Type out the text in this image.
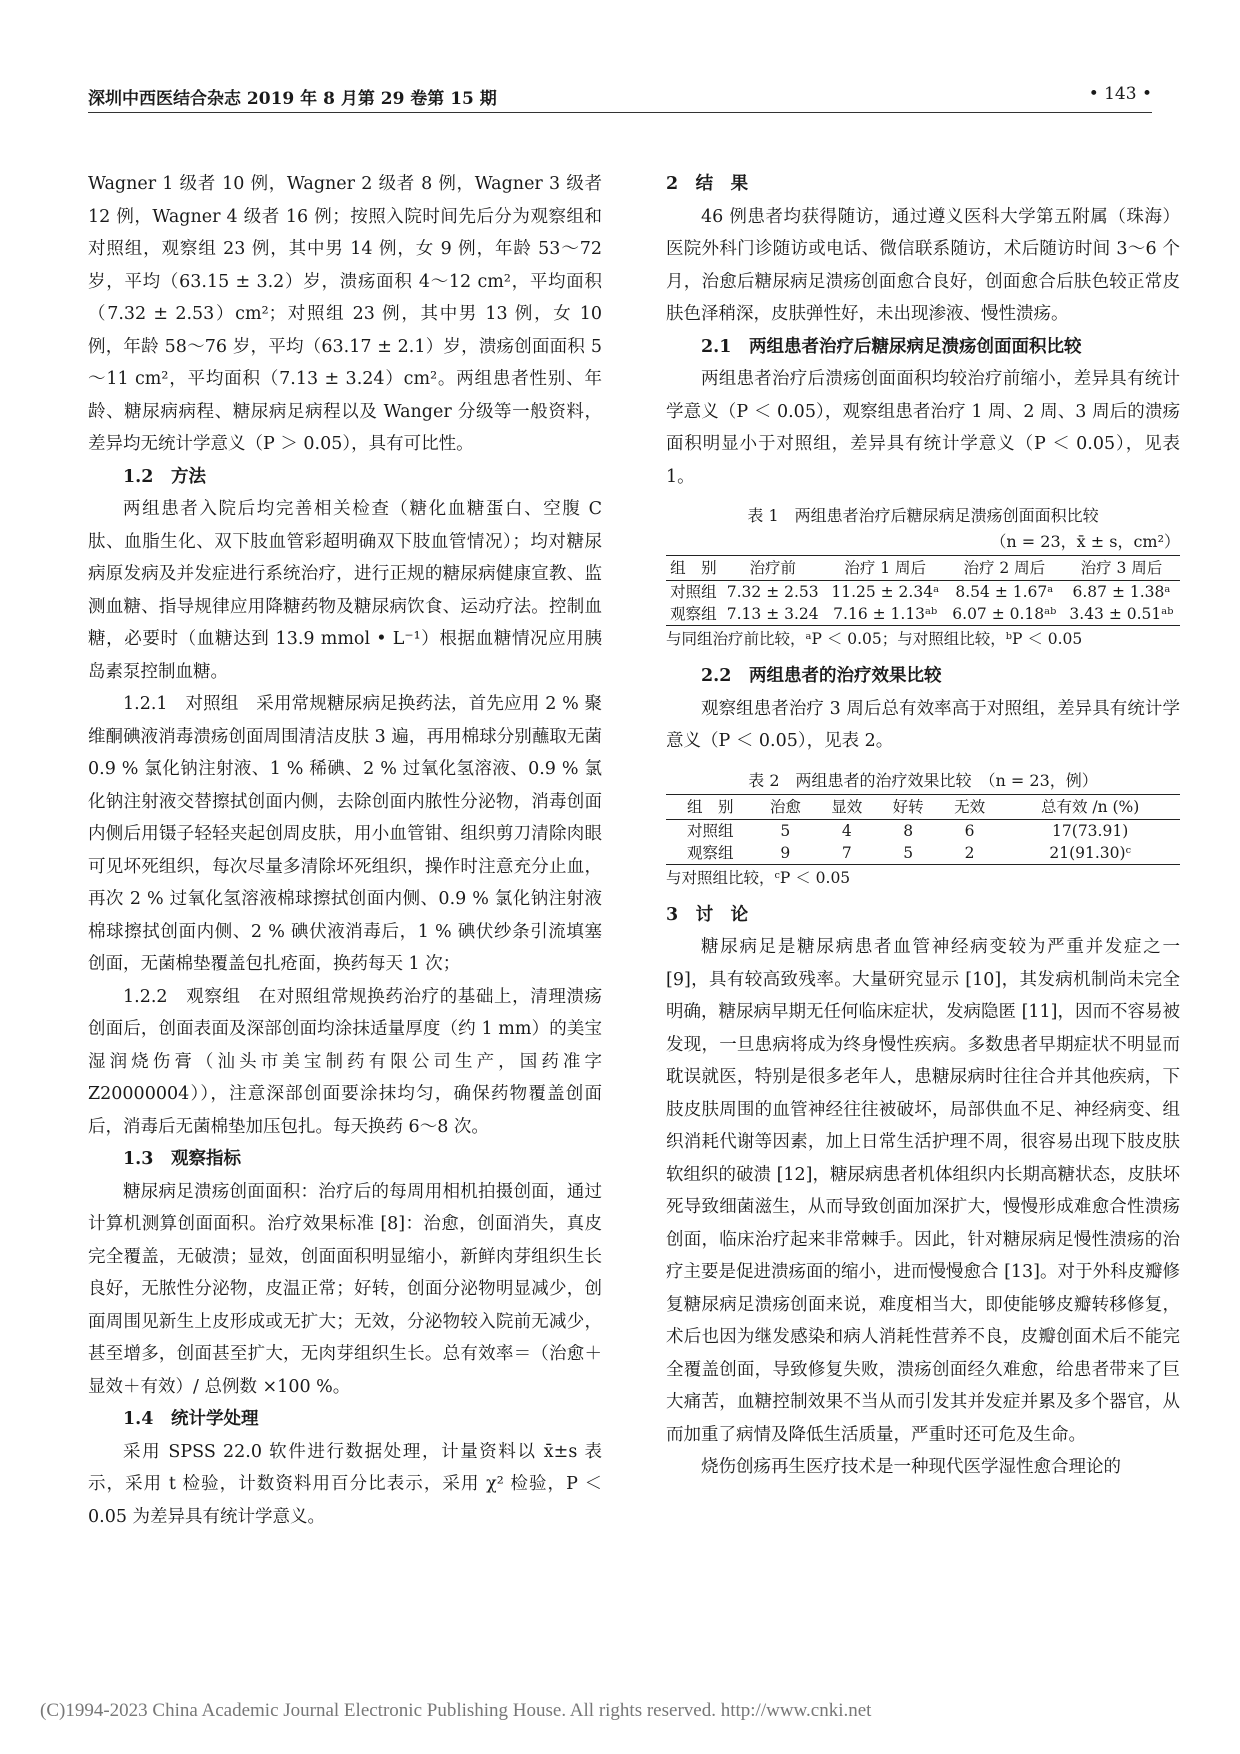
深圳中西医结合杂志 2019 年 8 月第 29 卷第 15 期	• 143 •

Wagner 1 级者 10 例，Wagner 2 级者 8 例，Wagner 3 级者 12 例，Wagner 4 级者 16 例；按照入院时间先后分为观察组和对照组，观察组 23 例，其中男 14 例，女 9 例，年龄 53～72 岁，平均（63.15 ± 3.2）岁，溃疡面积 4～12 cm²，平均面积（7.32 ± 2.53）cm²；对照组 23 例，其中男 13 例，女 10 例，年龄 58～76 岁，平均（63.17 ± 2.1）岁，溃疡创面面积 5～11 cm²，平均面积（7.13 ± 3.24）cm²。两组患者性别、年龄、糖尿病病程、糖尿病足病程以及 Wanger 分级等一般资料，差异均无统计学意义（P ＞ 0.05），具有可比性。

1.2　方法

两组患者入院后均完善相关检查（糖化血糖蛋白、空腹 C 肽、血脂生化、双下肢血管彩超明确双下肢血管情况）；均对糖尿病原发病及并发症进行系统治疗，进行正规的糖尿病健康宣教、监测血糖、指导规律应用降糖药物及糖尿病饮食、运动疗法。控制血糖，必要时（血糖达到 13.9 mmol • L⁻¹）根据血糖情况应用胰岛素泵控制血糖。

1.2.1　 对照组　 采用常规糖尿病足换药法，首先应用 2 % 聚维酮碘液消毒溃疡创面周围清洁皮肤 3 遍，再用棉球分别蘸取无菌 0.9 % 氯化钠注射液、1 % 稀碘、2 % 过氧化氢溶液、0.9 % 氯化钠注射液交替擦拭创面内侧，去除创面内脓性分泌物，消毒创面内侧后用镊子轻轻夹起创周皮肤，用小血管钳、组织剪刀清除肉眼可见坏死组织，每次尽量多清除坏死组织，操作时注意充分止血，再次 2 % 过氧化氢溶液棉球擦拭创面内侧、0.9 % 氯化钠注射液棉球擦拭创面内侧、2 % 碘伏液消毒后，1 % 碘伏纱条引流填塞创面，无菌棉垫覆盖包扎疮面，换药每天 1 次；

1.2.2　 观察组　 在对照组常规换药治疗的基础上，清理溃疡创面后，创面表面及深部创面均涂抹适量厚度（约 1 mm）的美宝湿润烧伤膏（汕头市美宝制药有限公司生产，国药准字 Z20000004）），注意深部创面要涂抹均匀，确保药物覆盖创面后，消毒后无菌棉垫加压包扎。每天换药 6～8 次。

1.3　观察指标

糖尿病足溃疡创面面积：治疗后的每周用相机拍摄创面，通过计算机测算创面面积。治疗效果标准 [8]：治愈，创面消失，真皮完全覆盖，无破溃；显效，创面面积明显缩小，新鲜肉芽组织生长良好，无脓性分泌物，皮温正常；好转，创面分泌物明显减少，创面周围见新生上皮形成或无扩大；无效，分泌物较入院前无减少，甚至增多，创面甚至扩大，无肉芽组织生长。总有效率＝（治愈＋显效＋有效）/ 总例数 ×100 %。

1.4　统计学处理

采用 SPSS 22.0 软件进行数据处理，计量资料以 x̄±s 表示，采用 t 检验，计数资料用百分比表示，采用 χ² 检验，P ＜ 0.05 为差异具有统计学意义。

2　结　果

46 例患者均获得随访，通过遵义医科大学第五附属（珠海）医院外科门诊随访或电话、微信联系随访，术后随访时间 3～6 个月，治愈后糖尿病足溃疡创面愈合良好，创面愈合后肤色较正常皮肤色泽稍深，皮肤弹性好，未出现渗液、慢性溃疡。

2.1　两组患者治疗后糖尿病足溃疡创面面积比较

两组患者治疗后溃疡创面面积均较治疗前缩小，差异具有统计学意义（P ＜ 0.05），观察组患者治疗 1 周、2 周、3 周后的溃疡面积明显小于对照组，差异具有统计学意义（P ＜ 0.05），见表 1。

表 1　两组患者治疗后糖尿病足溃疡创面面积比较
（n = 23，x̄ ± s，cm²）
组　别	治疗前	治疗 1 周后	治疗 2 周后	治疗 3 周后
对照组	7.32 ± 2.53	11.25 ± 2.34ᵃ	8.54 ± 1.67ᵃ	6.87 ± 1.38ᵃ
观察组	7.13 ± 3.24	7.16 ± 1.13ᵃᵇ	6.07 ± 0.18ᵃᵇ	3.43 ± 0.51ᵃᵇ
与同组治疗前比较，ᵃP ＜ 0.05；与对照组比较，ᵇP ＜ 0.05
2.2　两组患者的治疗效果比较

观察组患者治疗 3 周后总有效率高于对照组，差异具有统计学意义（P ＜ 0.05），见表 2。

表 2　两组患者的治疗效果比较　（n = 23，例）
组　别	治愈	显效	好转	无效	总有效 /n (%)
对照组	5	4	8	6	17(73.91)
观察组	9	7	5	2	21(91.30)ᶜ
与对照组比较，ᶜP ＜ 0.05
3　讨　论

糖尿病足是糖尿病患者血管神经病变较为严重并发症之一 [9]，具有较高致残率。大量研究显示 [10]，其发病机制尚未完全明确，糖尿病早期无任何临床症状，发病隐匿 [11]，因而不容易被发现，一旦患病将成为终身慢性疾病。多数患者早期症状不明显而耽误就医，特别是很多老年人，患糖尿病时往往合并其他疾病，下肢皮肤周围的血管神经往往被破坏，局部供血不足、神经病变、组织消耗代谢等因素，加上日常生活护理不周，很容易出现下肢皮肤软组织的破溃 [12]，糖尿病患者机体组织内长期高糖状态，皮肤坏死导致细菌滋生，从而导致创面加深扩大，慢慢形成难愈合性溃疡创面，临床治疗起来非常棘手。因此，针对糖尿病足慢性溃疡的治疗主要是促进溃疡面的缩小，进而慢慢愈合 [13]。对于外科皮瓣修复糖尿病足溃疡创面来说，难度相当大，即使能够皮瓣转移修复，术后也因为继发感染和病人消耗性营养不良，皮瓣创面术后不能完全覆盖创面，导致修复失败，溃疡创面经久难愈，给患者带来了巨大痛苦，血糖控制效果不当从而引发其并发症并累及多个器官，从而加重了病情及降低生活质量，严重时还可危及生命。

烧伤创疡再生医疗技术是一种现代医学湿性愈合理论的

(C)1994-2023 China Academic Journal Electronic Publishing House. All rights reserved. http://www.cnki.net
